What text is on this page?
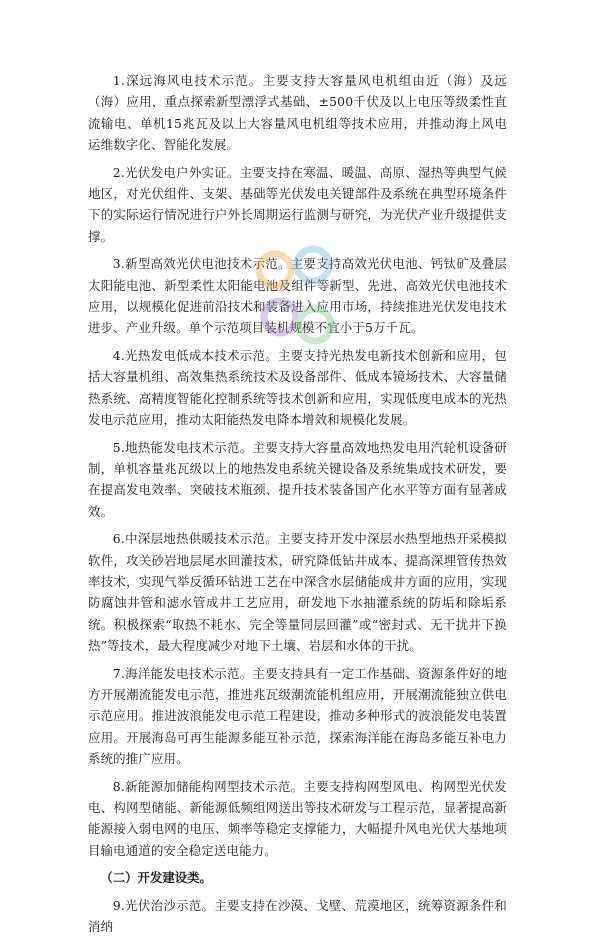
1.深远海风电技术示范。主要支持大容量风电机组由近（海）及远（海）应用，重点探索新型漂浮式基础、±500千伏及以上电压等级柔性直流输电、单机15兆瓦及以上大容量风电机组等技术应用，并推动海上风电运维数字化、智能化发展。

2.光伏发电户外实证。主要支持在寒温、暖温、高原、湿热等典型气候地区，对光伏组件、支架、基础等光伏发电关键部件及系统在典型环境条件下的实际运行情况进行户外长周期运行监测与研究，为光伏产业升级提供支撑。

3.新型高效光伏电池技术示范。主要支持高效光伏电池、钙钛矿及叠层太阳能电池、新型柔性太阳能电池及组件等新型、先进、高效光伏电池技术应用，以规模化促进前沿技术和装备进入应用市场，持续推进光伏发电技术进步、产业升级。单个示范项目装机规模不宜小于5万千瓦。

4.光热发电低成本技术示范。主要支持光热发电新技术创新和应用，包括大容量机组、高效集热系统技术及设备部件、低成本镜场技术、大容量储热系统、高精度智能化控制系统等技术创新和应用，实现低度电成本的光热发电示范应用，推动太阳能热发电降本增效和规模化发展。

5.地热能发电技术示范。主要支持大容量高效地热发电用汽轮机设备研制，单机容量兆瓦级以上的地热发电系统关键设备及系统集成技术研发，要在提高发电效率、突破技术瓶颈、提升技术装备国产化水平等方面有显著成效。

6.中深层地热供暖技术示范。主要支持开发中深层水热型地热开采模拟软件，攻关砂岩地层尾水回灌技术，研究降低钻井成本、提高深埋管传热效率技术，实现气举反循环钻进工艺在中深含水层储能成井方面的应用，实现防腐蚀井管和滤水管成井工艺应用，研发地下水抽灌系统的防垢和除垢系统。积极探索“取热不耗水、完全等量同层回灌”或“密封式、无干扰井下换热”等技术，最大程度减少对地下土壤、岩层和水体的干扰。

7.海洋能发电技术示范。主要支持具有一定工作基础、资源条件好的地方开展潮流能发电示范，推进兆瓦级潮流能机组应用，开展潮流能独立供电示范应用。推进波浪能发电示范工程建设，推动多种形式的波浪能发电装置应用。开展海岛可再生能源多能互补示范，探索海洋能在海岛多能互补电力系统的推广应用。

8.新能源加储能构网型技术示范。主要支持构网型风电、构网型光伏发电、构网型储能、新能源低频组网送出等技术研发与工程示范，显著提高新能源接入弱电网的电压、频率等稳定支撑能力，大幅提升风电光伏大基地项目输电通道的安全稳定送电能力。

（二）开发建设类。

9.光伏治沙示范。主要支持在沙漠、戈壁、荒漠地区，统筹资源条件和消纳
